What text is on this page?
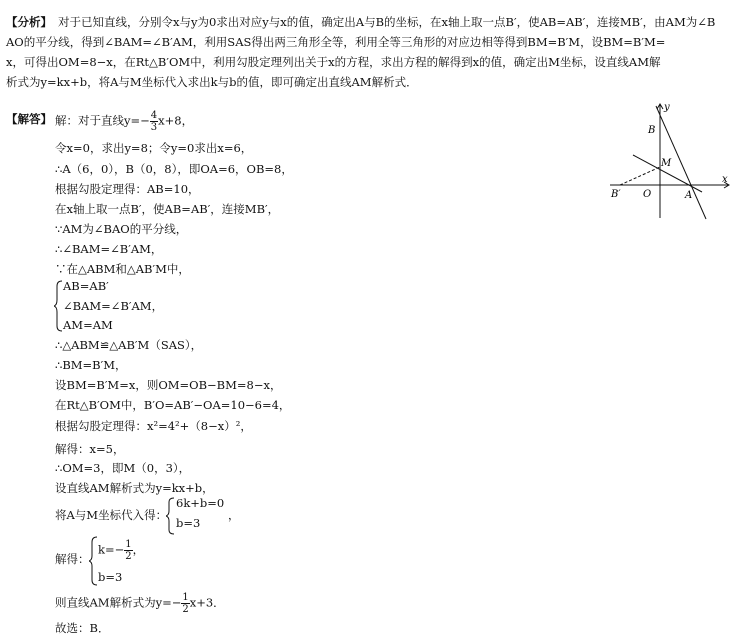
【分析】 对于已知直线，分别令x与y为0求出对应y与x的值，确定出A与B的坐标，在x轴上取一点B′，使AB=AB′，连接MB′，由AM为∠B
AO的平分线，得到∠BAM=∠B′AM，利用SAS得出两三角形全等，利用全等三角形的对应边相等得到BM=B′M，设BM=B′M=
x，可得出OM=8−x，在Rt△B′OM中，利用勾股定理列出关于x的方程，求出方程的解得到x的值，确定出M坐标，设直线AM解
析式为y=kx+b，将A与M坐标代入求出k与b的值，即可确定出直线AM解析式．
【解答】 解：对于直线$y=- \frac{4}{3} x+8$，
令x=0，求出y=8；令y=0求出x=6，
∴A（6，0），B（0，8），即OA=6，OB=8，
根据勾股定理得：AB=10，
在x轴上取一点B′，使AB=AB′，连接MB′，
∵AM为∠BAO的平分线，
∴∠BAM=∠B′AM，
∵在△ABM和△AB′M中，
AB=AB′
∠BAM=∠B′AM，
AM=AM
∴△ABM≌△AB′M（SAS），
∴BM=B′M，
设BM=B′M=x，则OM=OB−BM=8−x，
在Rt△B′OM中，B′O=AB′−OA=10−6=4，
根据勾股定理得：x²=4²+（8−x）²，
解得：x=5，
∴OM=3，即M（0，3），
设直线AM解析式为y=kx+b，
将A与M坐标代入得：
6k+b=0
b=3
，
解得：
$k=- \frac{1}{2}$ ，
b=3
则直线AM解析式为$y=- \frac{1}{2} x+3$．
故选：B．
y
x
B
M
O	A
B′
